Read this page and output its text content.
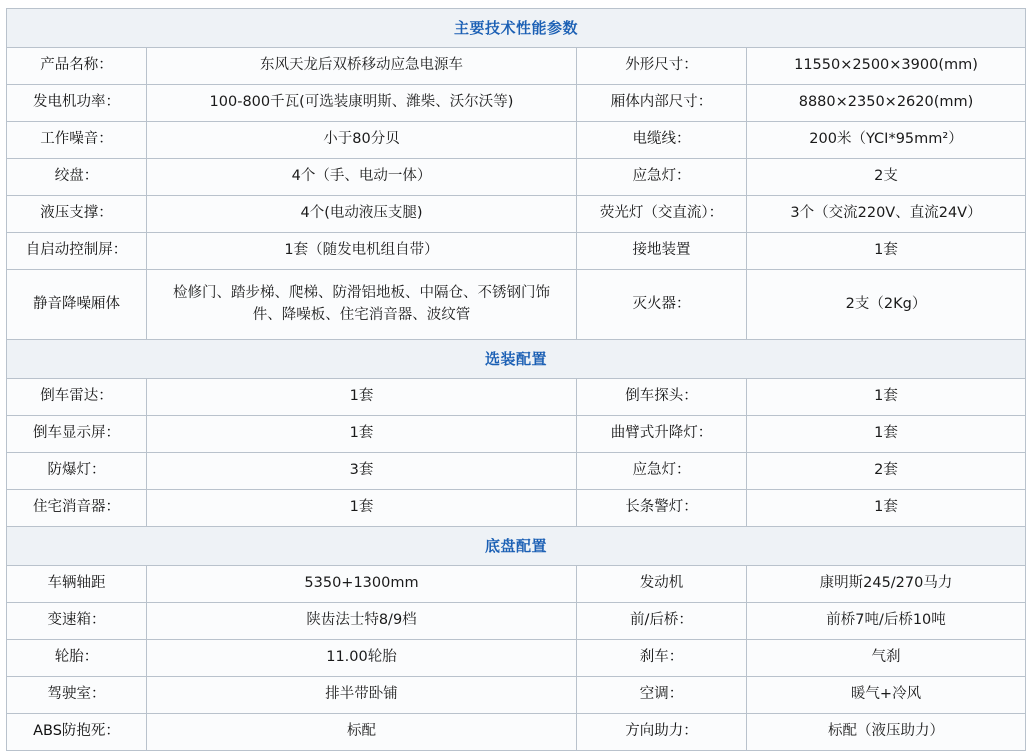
主要技术性能参数			
产品名称：	东风天龙后双桥移动应急电源车	外形尺寸：	11550×2500×3900(mm)
发电机功率：	100-800千瓦(可选装康明斯、潍柴、沃尔沃等)	厢体内部尺寸：	8880×2350×2620(mm)
工作噪音：	小于80分贝	电缆线：	200米（YCI*95mm²）
绞盘：	4个（手、电动一体）	应急灯：	2支
液压支撑：	4个(电动液压支腿)	荧光灯（交直流）：	3个（交流220V、直流24V）
自启动控制屏：	1套（随发电机组自带）	接地装置	1套
静音降噪厢体	检修门、踏步梯、爬梯、防滑铝地板、中隔仓、不锈钢门饰件、降噪板、住宅消音器、波纹管	灭火器：	2支（2Kg）
选装配置			
倒车雷达：	1套	倒车探头：	1套
倒车显示屏：	1套	曲臂式升降灯：	1套
防爆灯：	3套	应急灯：	2套
住宅消音器：	1套	长条警灯：	1套
底盘配置			
车辆轴距	5350+1300mm	发动机	康明斯245/270马力
变速箱：	陕齿法士特8/9档	前/后桥：	前桥7吨/后桥10吨
轮胎：	11.00轮胎	刹车：	气刹
驾驶室：	排半带卧铺	空调：	暖气+冷风
ABS防抱死：	标配	方向助力：	标配（液压助力）
